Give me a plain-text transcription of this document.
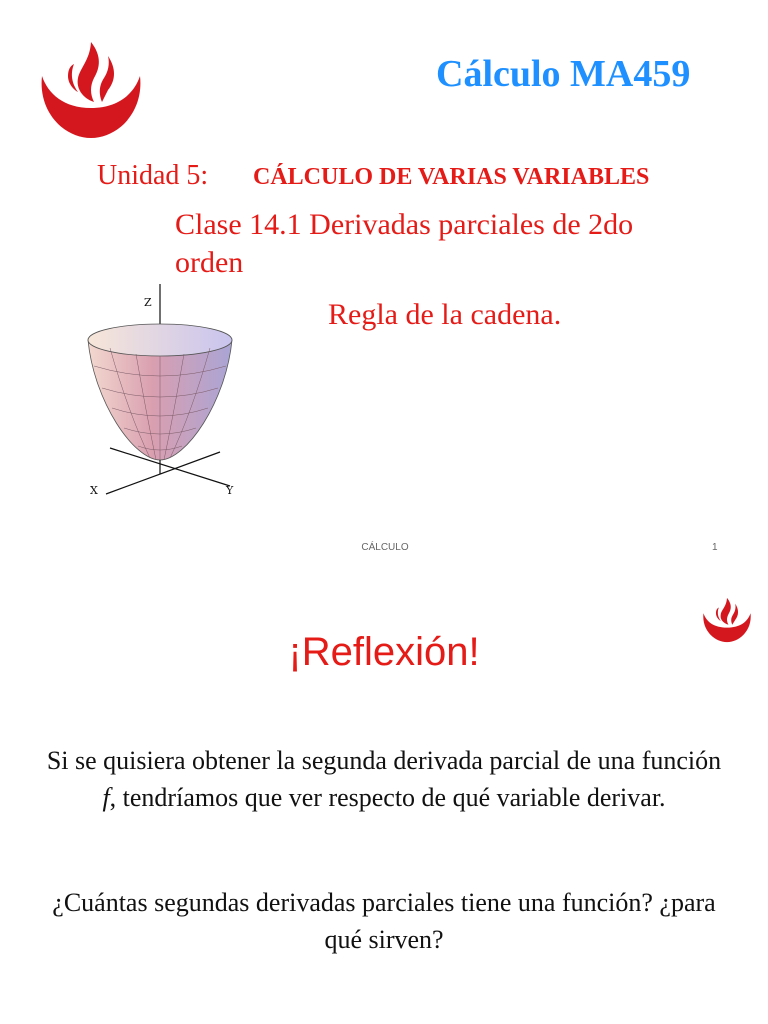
Cálculo MA459
Unidad 5: CÁLCULO DE VARIAS VARIABLES
Clase 14.1 Derivadas parciales de 2do orden
Regla de la cadena.
Z
X	Y
CÁLCULO	1
¡Reflexión!
Si se quisiera obtener la segunda derivada parcial de una función f, tendríamos que ver respecto de qué variable derivar.
¿Cuántas segundas derivadas parciales tiene una función? ¿para qué sirven?
